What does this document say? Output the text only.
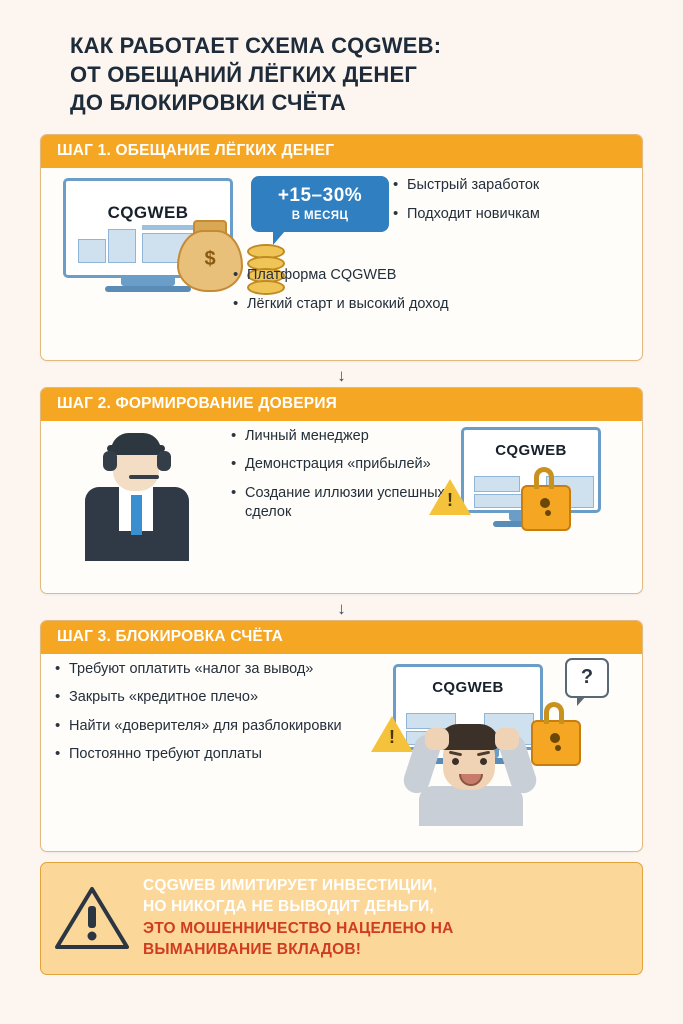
КАК РАБОТАЕТ СХЕМА CQGWEB:
ОТ ОБЕЩАНИЙ ЛЁГКИХ ДЕНЕГ
ДО БЛОКИРОВКИ СЧЁТА
ШАГ 1. ОБЕЩАНИЕ ЛЁГКИХ ДЕНЕГ
CQGWEB
$
+15–30%
В МЕСЯЦ
• Быстрый заработок
• Подходит новичкам
• Платформа CQGWEB
• Лёгкий старт и высокий доход
↓
ШАГ 2. ФОРМИРОВАНИЕ ДОВЕРИЯ
• Личный менеджер
• Демонстрация «прибылей»
• Создание иллюзии успешных сделок
CQGWEB
!
↓
ШАГ 3. БЛОКИРОВКА СЧЁТА
• Требуют оплатить «налог за вывод»
• Закрыть «кредитное плечо»
• Найти «доверителя» для разблокировки
• Постоянно требуют доплаты
CQGWEB	?
!
CQGWEB ИМИТИРУЕТ ИНВЕСТИЦИИ,
НО НИКОГДА НЕ ВЫВОДИТ ДЕНЬГИ,
ЭТО МОШЕННИЧЕСТВО НАЦЕЛЕНО НА
ВЫМАНИВАНИЕ ВКЛАДОВ!
